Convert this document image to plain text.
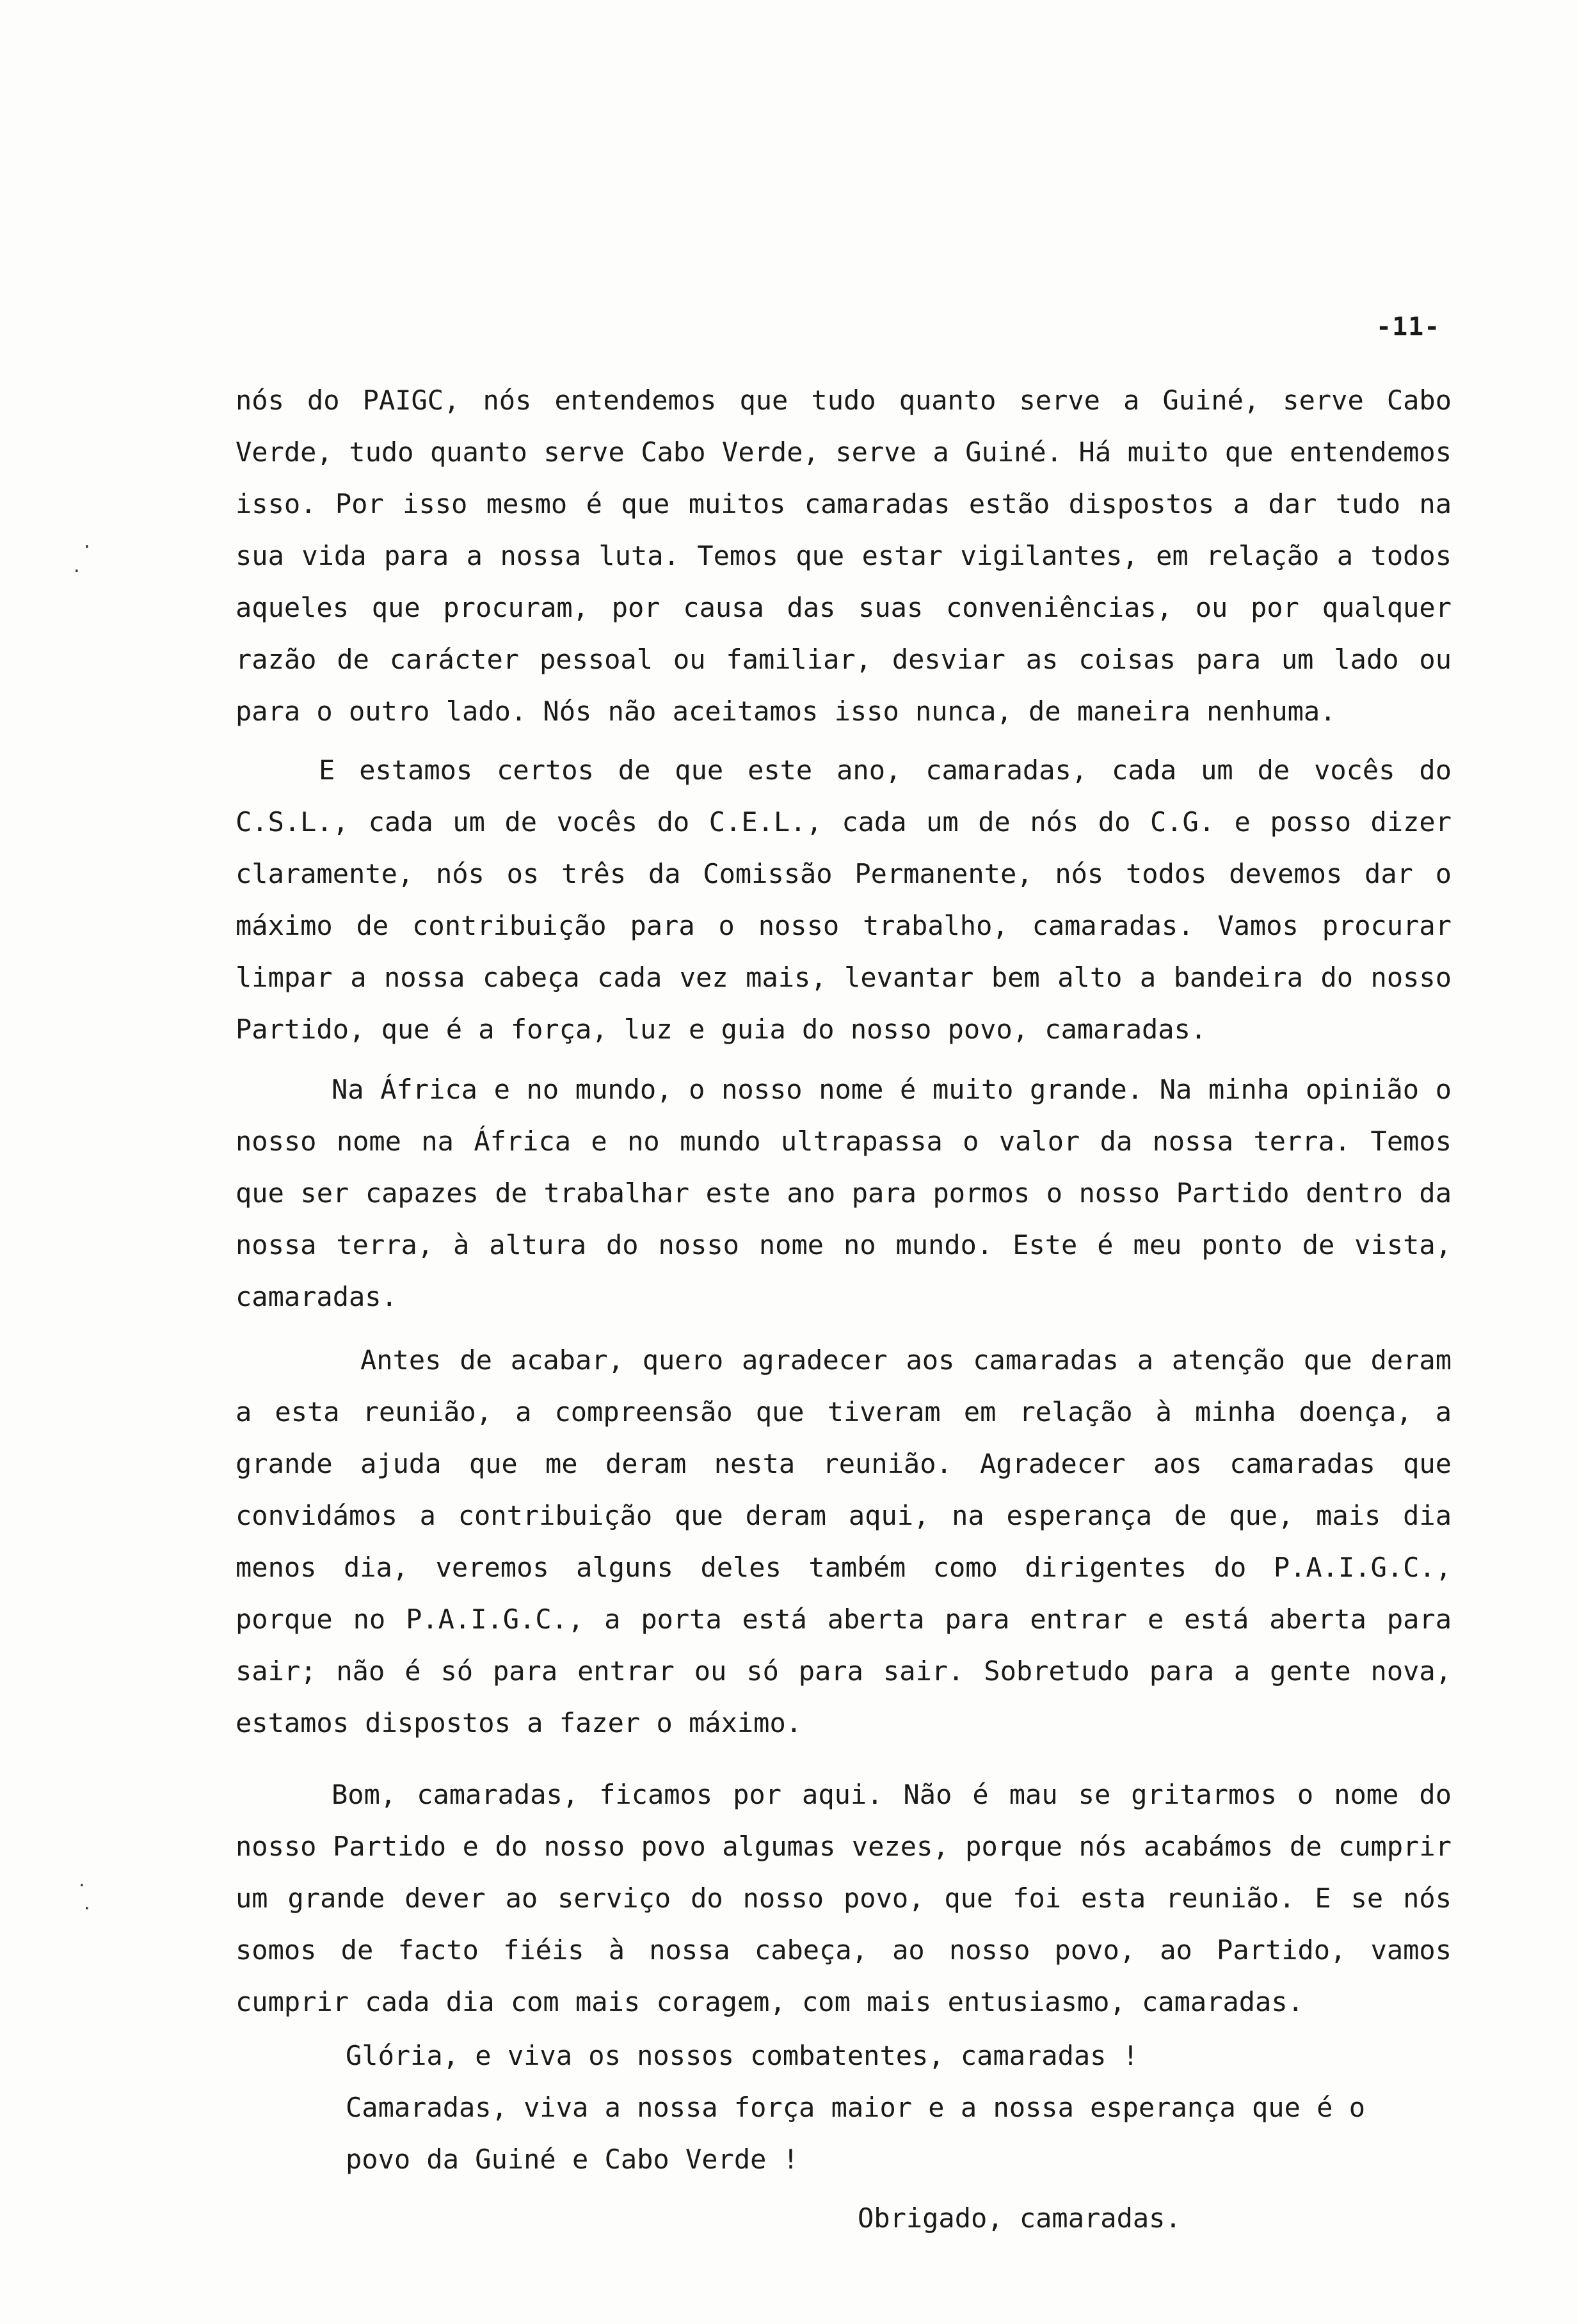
-11-
nós do PAIGC, nós entendemos que tudo quanto serve a Guiné, serve Cabo Verde, tudo quanto serve Cabo Verde, serve a Guiné. Há muito que entendemos isso. Por isso mesmo é que muitos camaradas estão dispostos a dar tudo na sua vida para a nossa luta. Temos que estar vigilantes, em relação a todos aqueles que procuram, por causa das suas conveniências, ou por qualquer razão de carácter pessoal ou familiar, desviar as coisas para um lado ou para o outro lado. Nós não aceitamos isso nunca, de maneira nenhuma.
E estamos certos de que este ano, camaradas, cada um de vocês do C.S.L., cada um de vocês do C.E.L., cada um de nós do C.G. e posso dizer claramente, nós os três da Comissão Permanente, nós todos devemos dar o máximo de contribuição para o nosso trabalho, camaradas. Vamos procurar limpar a nossa cabeça cada vez mais, levantar bem alto a bandeira do nosso Partido, que é a força, luz e guia do nosso povo, camaradas.
Na África e no mundo, o nosso nome é muito grande. Na minha opinião o nosso nome na África e no mundo ultrapassa o valor da nossa terra. Temos que ser capazes de trabalhar este ano para pormos o nosso Partido dentro da nossa terra, à altura do nosso nome no mundo. Este é meu ponto de vista, camaradas.
Antes de acabar, quero agradecer aos camaradas a atenção que deram a esta reunião, a compreensão que tiveram em relação à minha doença, a grande ajuda que me deram nesta reunião. Agradecer aos camaradas que convidámos a contribuição que deram aqui, na esperança de que, mais dia menos dia, veremos alguns deles também como dirigentes do P.A.I.G.C., porque no P.A.I.G.C., a porta está aberta para entrar e está aberta para sair; não é só para entrar ou só para sair. Sobretudo para a gente nova, estamos dispostos a fazer o máximo.
Bom, camaradas, ficamos por aqui. Não é mau se gritarmos o nome do nosso Partido e do nosso povo algumas vezes, porque nós acabámos de cumprir um grande dever ao serviço do nosso povo, que foi esta reunião. E se nós somos de facto fiéis à nossa cabeça, ao nosso povo, ao Partido, vamos cumprir cada dia com mais coragem, com mais entusiasmo, camaradas.
Glória, e viva os nossos combatentes, camaradas !
Camaradas, viva a nossa força maior e a nossa esperança que é o
povo da Guiné e Cabo Verde !
Obrigado, camaradas.
·
·
·
·
